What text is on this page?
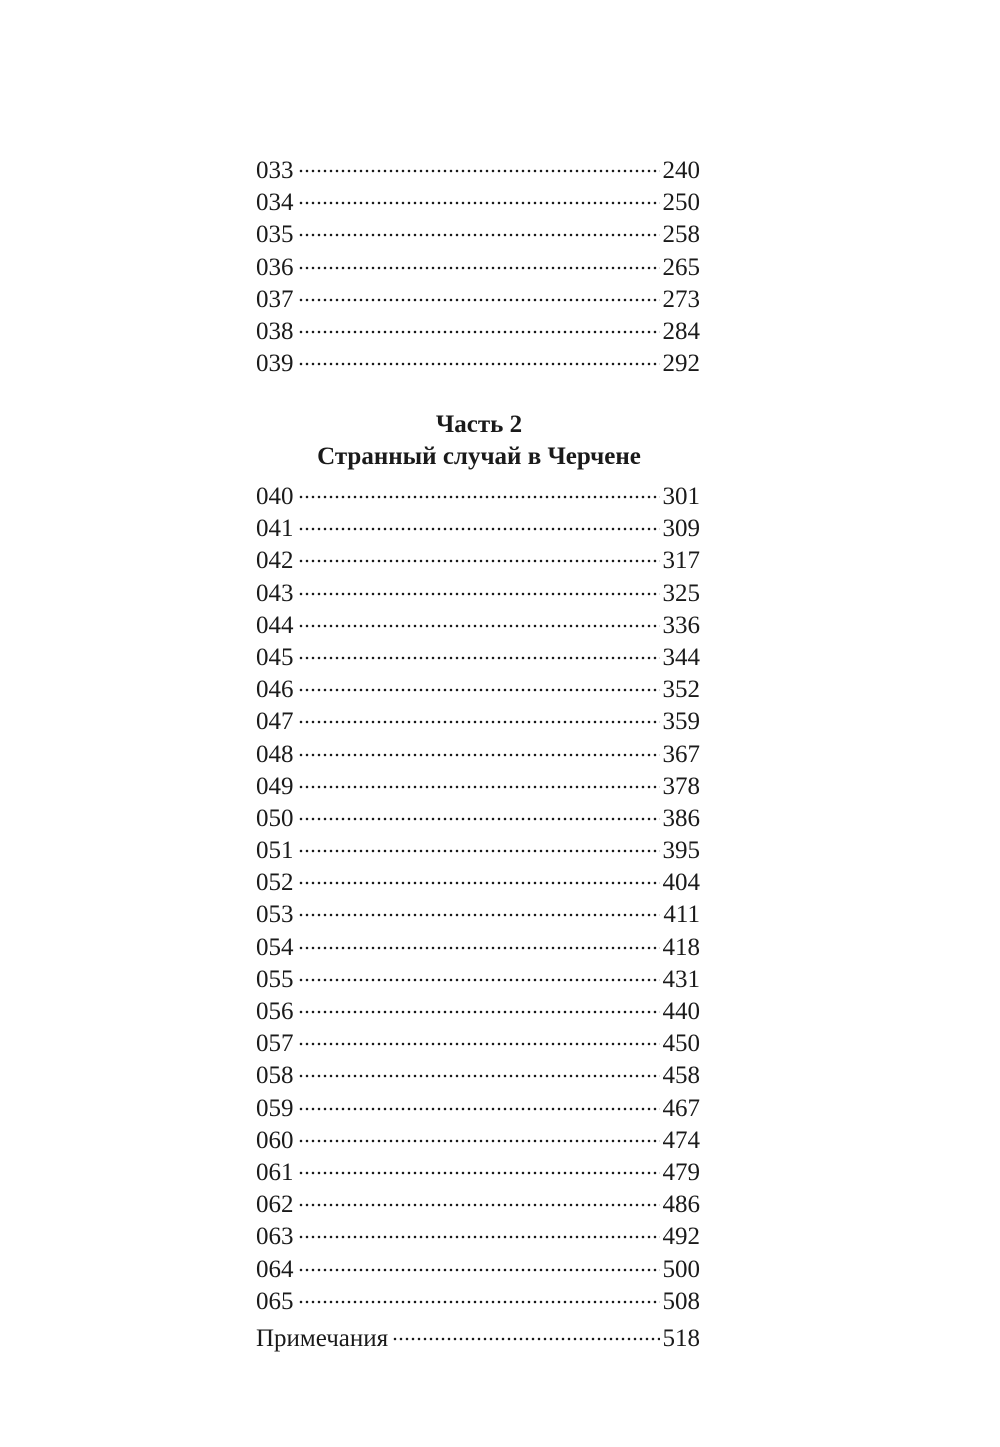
033	240
034	250
035	258
036	265
037	273
038	284
039	292
Часть 2
Странный случай в Черчене
040	301
041	309
042	317
043	325
044	336
045	344
046	352
047	359
048	367
049	378
050	386
051	395
052	404
053	411
054	418
055	431
056	440
057	450
058	458
059	467
060	474
061	479
062	486
063	492
064	500
065	508
Примечания	518
